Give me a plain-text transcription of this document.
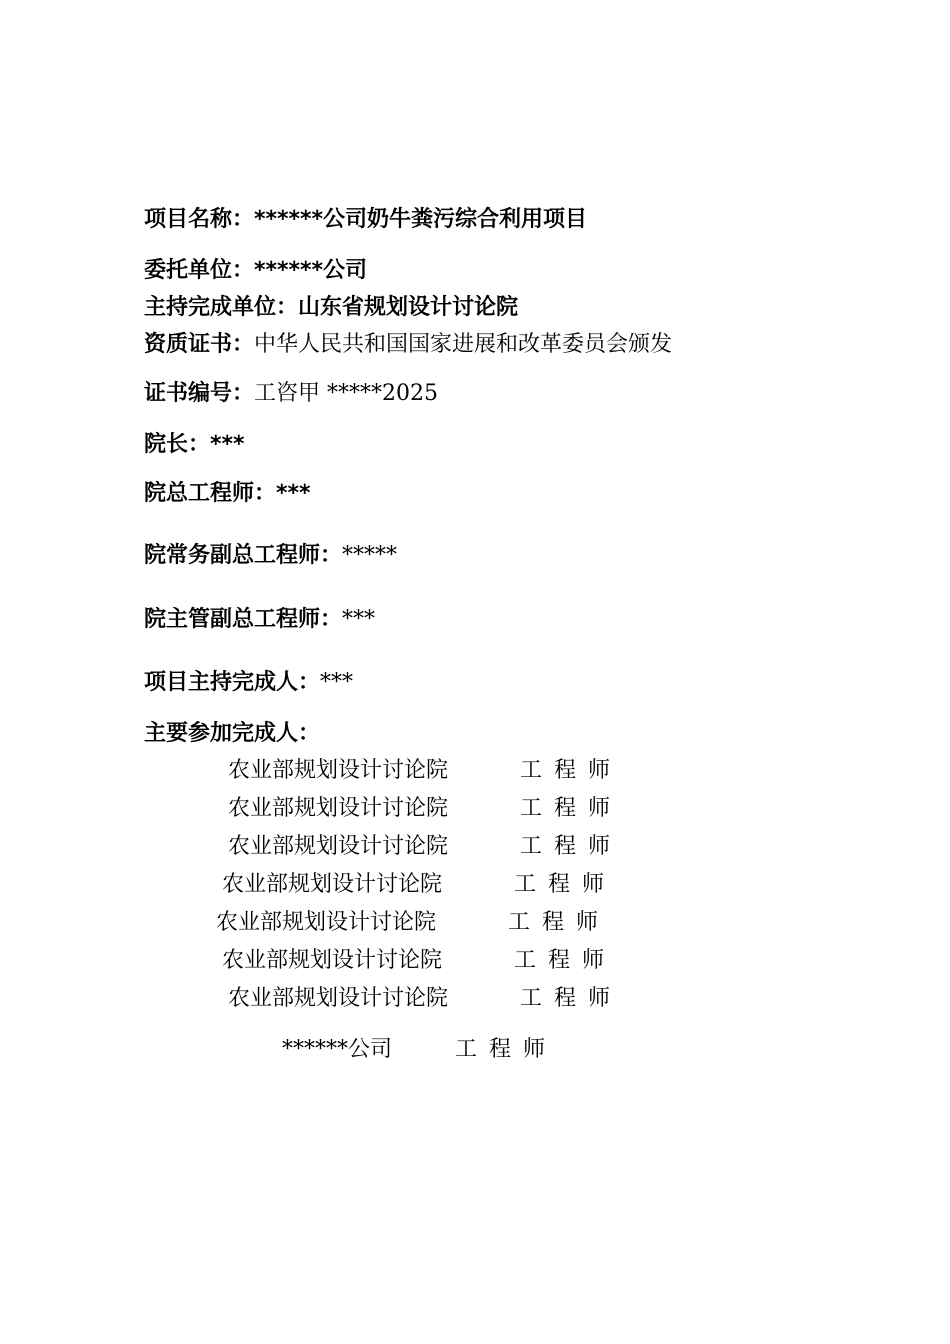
项目名称：******公司奶牛粪污综合利用项目
委托单位：******公司
主持完成单位：山东省规划设计讨论院
资质证书：中华人民共和国国家进展和改革委员会颁发
证书编号：工咨甲 *****2025
院长：***
院总工程师：***
院常务副总工程师：*****
院主管副总工程师：***
项目主持完成人：***
主要参加完成人：
农业部规划设计讨论院	工程师
农业部规划设计讨论院	工程师
农业部规划设计讨论院	工程师
农业部规划设计讨论院	工程师
农业部规划设计讨论院	工程师
农业部规划设计讨论院	工程师
农业部规划设计讨论院	工程师
******公司	工程师
